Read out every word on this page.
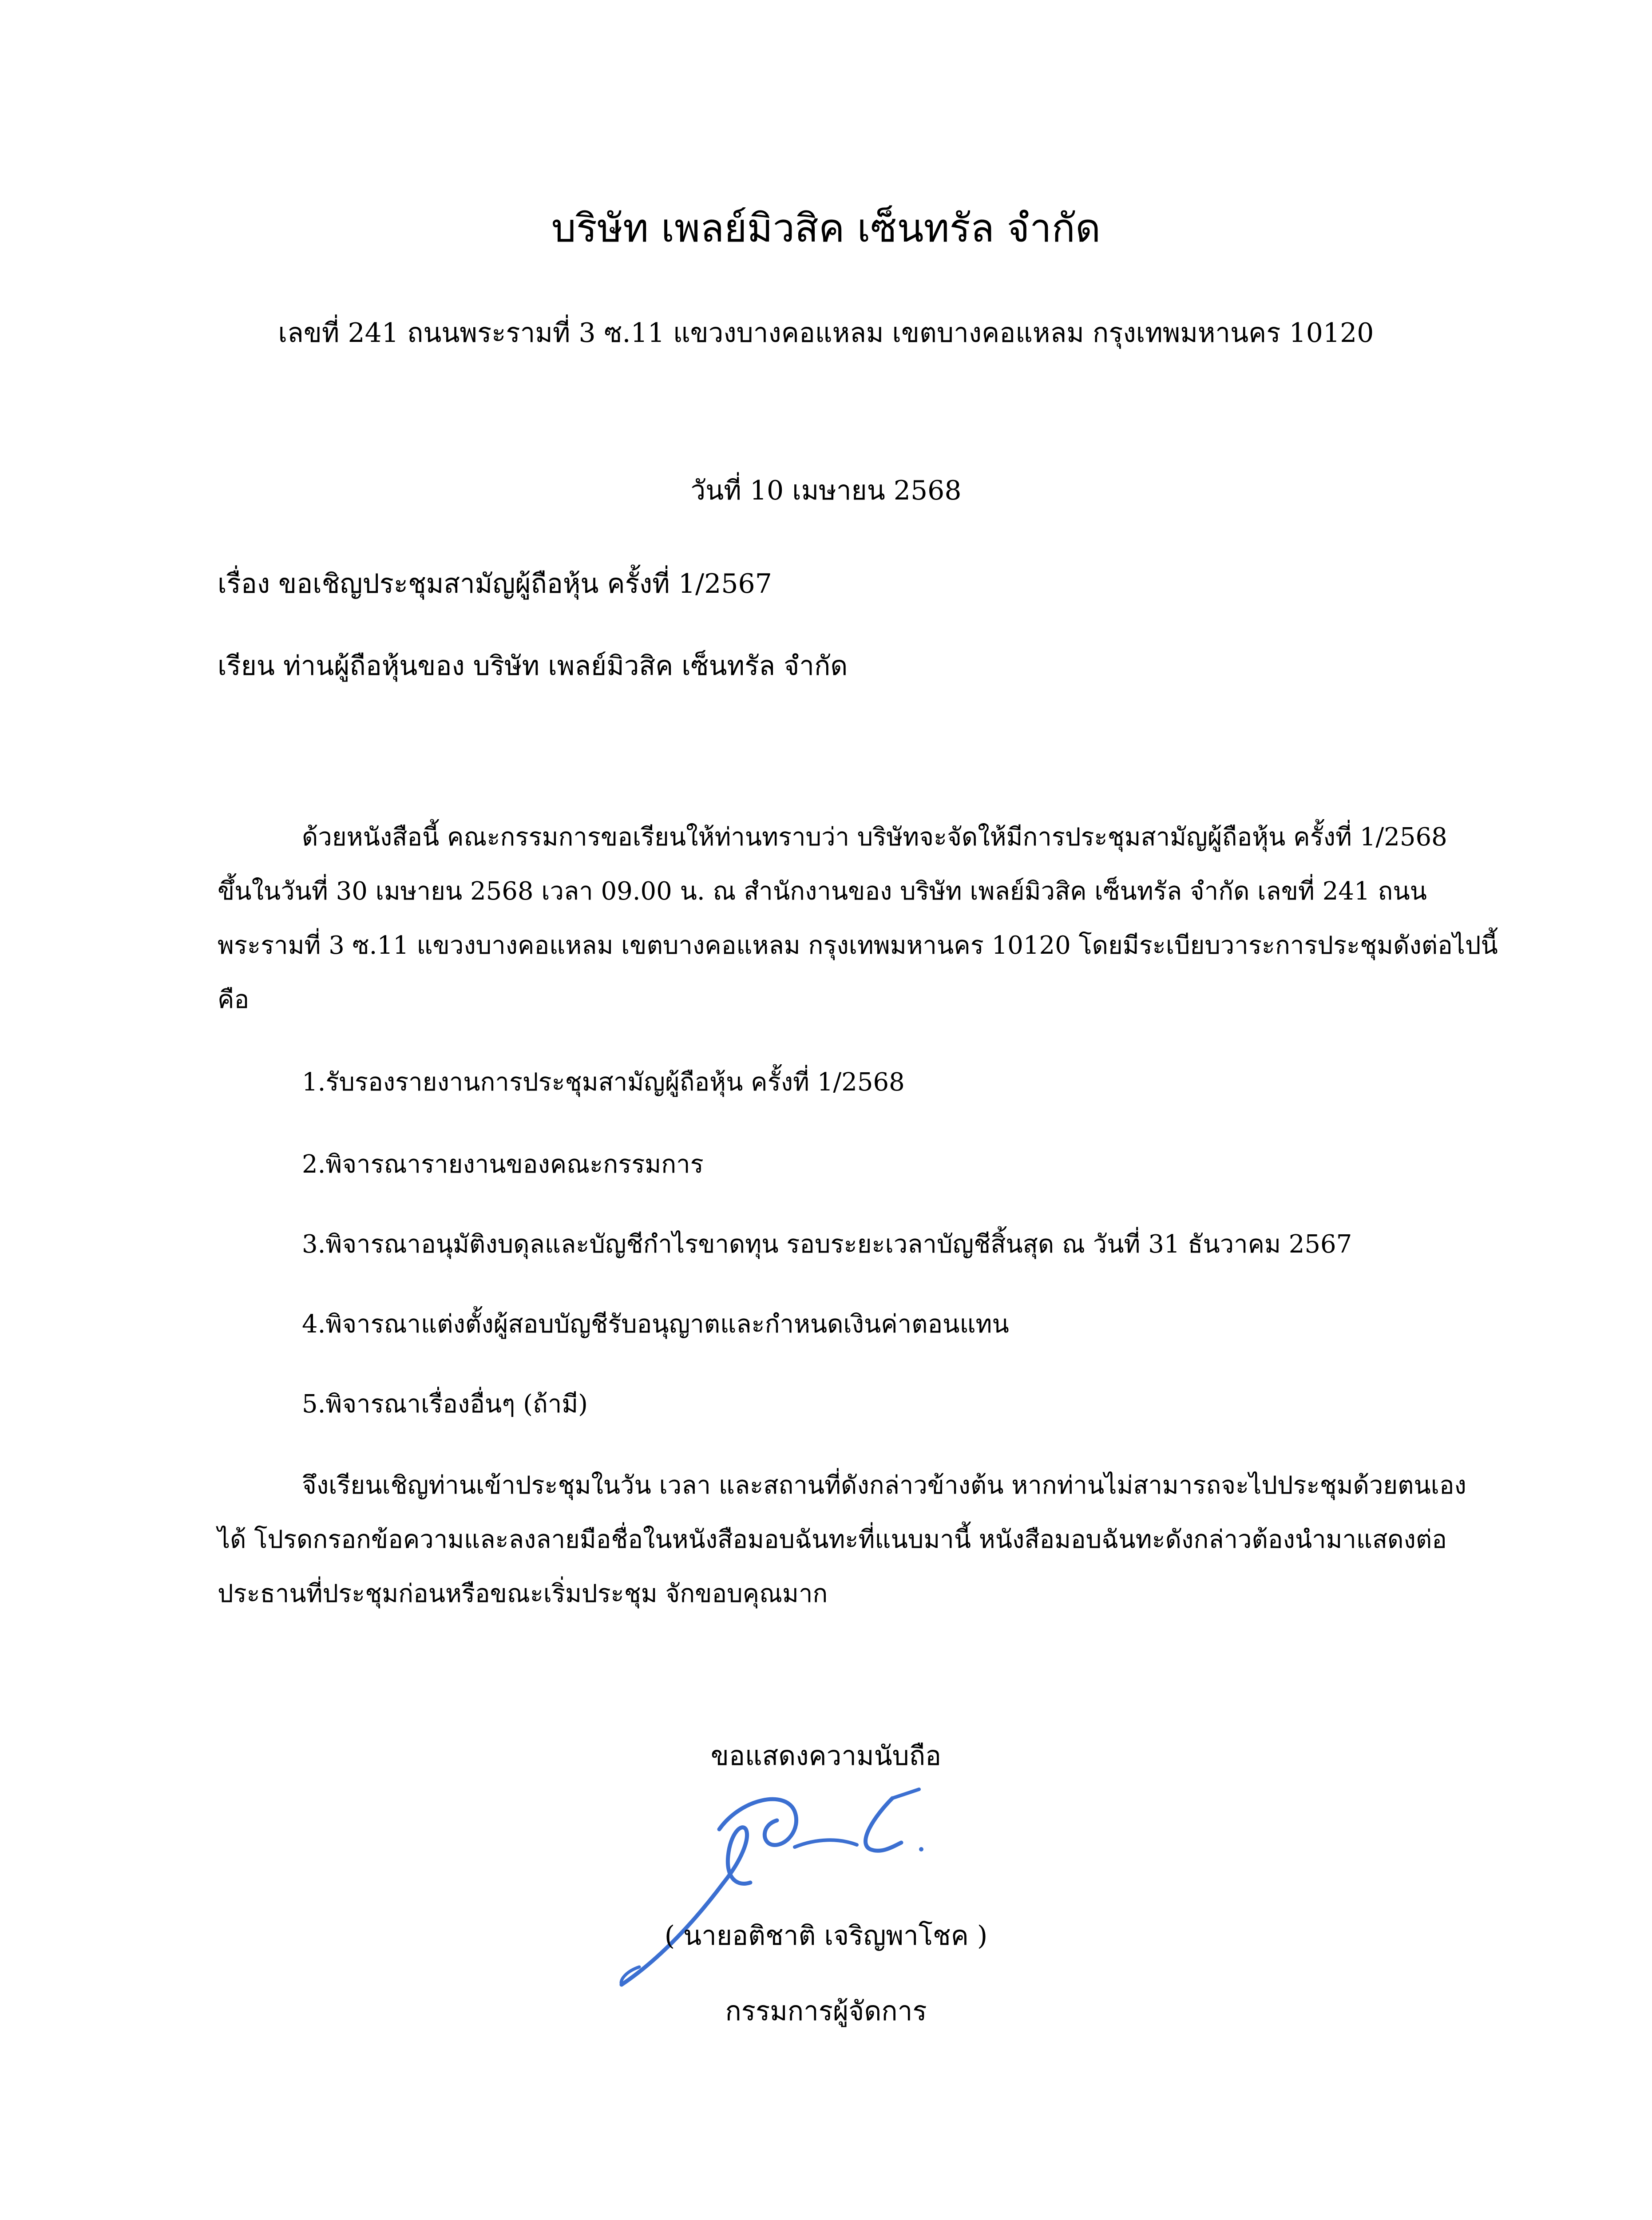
บริษัท เพลย์มิวสิค เซ็นทรัล จำกัด
เลขที่ 241 ถนนพระรามที่ 3 ซ.11 แขวงบางคอแหลม เขตบางคอแหลม กรุงเทพมหานคร 10120
วันที่ 10 เมษายน 2568
เรื่อง ขอเชิญประชุมสามัญผู้ถือหุ้น ครั้งที่ 1/2567
เรียน ท่านผู้ถือหุ้นของ บริษัท เพลย์มิวสิค เซ็นทรัล จำกัด
ด้วยหนังสือนี้ คณะกรรมการขอเรียนให้ท่านทราบว่า บริษัทจะจัดให้มีการประชุมสามัญผู้ถือหุ้น ครั้งที่ 1/2568
ขึ้นในวันที่ 30 เมษายน 2568 เวลา 09.00 น. ณ สำนักงานของ บริษัท เพลย์มิวสิค เซ็นทรัล จำกัด เลขที่ 241 ถนน
พระรามที่ 3 ซ.11 แขวงบางคอแหลม เขตบางคอแหลม กรุงเทพมหานคร 10120 โดยมีระเบียบวาระการประชุมดังต่อไปนี้
คือ
1.รับรองรายงานการประชุมสามัญผู้ถือหุ้น ครั้งที่ 1/2568
2.พิจารณารายงานของคณะกรรมการ
3.พิจารณาอนุมัติงบดุลและบัญชีกำไรขาดทุน รอบระยะเวลาบัญชีสิ้นสุด ณ วันที่ 31 ธันวาคม 2567
4.พิจารณาแต่งตั้งผู้สอบบัญชีรับอนุญาตและกำหนดเงินค่าตอนแทน
5.พิจารณาเรื่องอื่นๆ (ถ้ามี)
จึงเรียนเชิญท่านเข้าประชุมในวัน เวลา และสถานที่ดังกล่าวข้างต้น หากท่านไม่สามารถจะไปประชุมด้วยตนเอง
ได้ โปรดกรอกข้อความและลงลายมือชื่อในหนังสือมอบฉันทะที่แนบมานี้ หนังสือมอบฉันทะดังกล่าวต้องนำมาแสดงต่อ
ประธานที่ประชุมก่อนหรือขณะเริ่มประชุม จักขอบคุณมาก
ขอแสดงความนับถือ
( นายอติชาติ เจริญพาโชค )
กรรมการผู้จัดการ
